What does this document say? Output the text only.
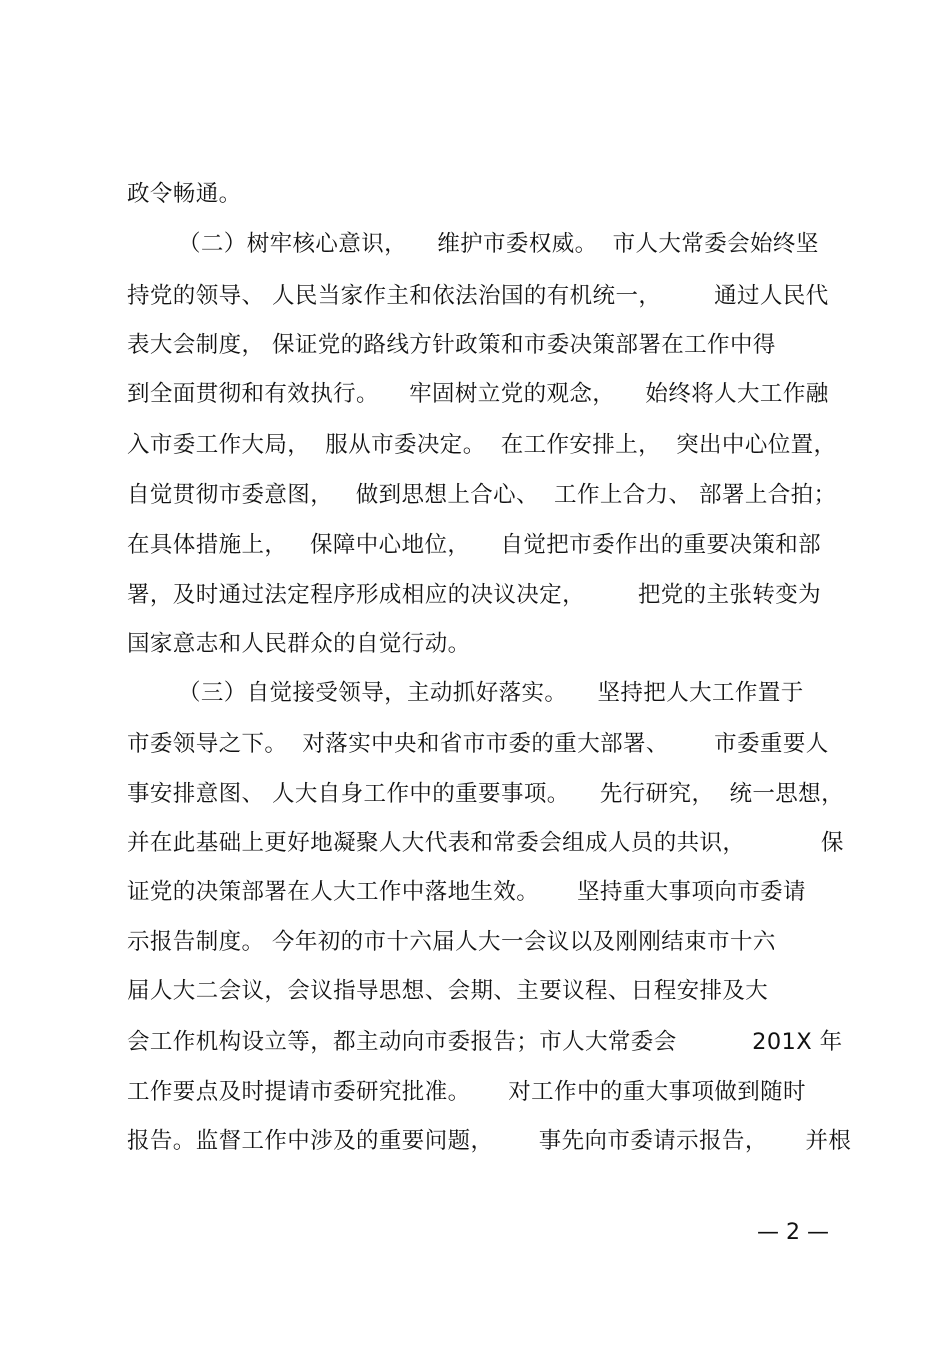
政令畅通。
（二）树牢核心意识，    维护市委权威。  市人大常委会始终坚
持党的领导、 人民当家作主和依法治国的有机统一，       通过人民代
表大会制度， 保证党的路线方针政策和市委决策部署在工作中得
到全面贯彻和有效执行。    牢固树立党的观念，    始终将人大工作融
入市委工作大局，  服从市委决定。  在工作安排上，  突出中心位置，
自觉贯彻市委意图，   做到思想上合心、  工作上合力、 部署上合拍；
在具体措施上，   保障中心地位，    自觉把市委作出的重要决策和部
署，及时通过法定程序形成相应的决议决定，       把党的主张转变为
国家意志和人民群众的自觉行动。
（三）自觉接受领导，主动抓好落实。    坚持把人大工作置于
市委领导之下。  对落实中央和省市市委的重大部署、      市委重要人
事安排意图、 人大自身工作中的重要事项。    先行研究，  统一思想，
并在此基础上更好地凝聚人大代表和常委会组成人员的共识，          保
证党的决策部署在人大工作中落地生效。     坚持重大事项向市委请
示报告制度。 今年初的市十六届人大一会议以及刚刚结束市十六
届人大二会议，会议指导思想、会期、主要议程、日程安排及大
会工作机构设立等，都主动向市委报告；市人大常委会          201X 年
工作要点及时提请市委研究批准。     对工作中的重大事项做到随时
报告。监督工作中涉及的重要问题，      事先向市委请示报告，     并根
— 2 —
